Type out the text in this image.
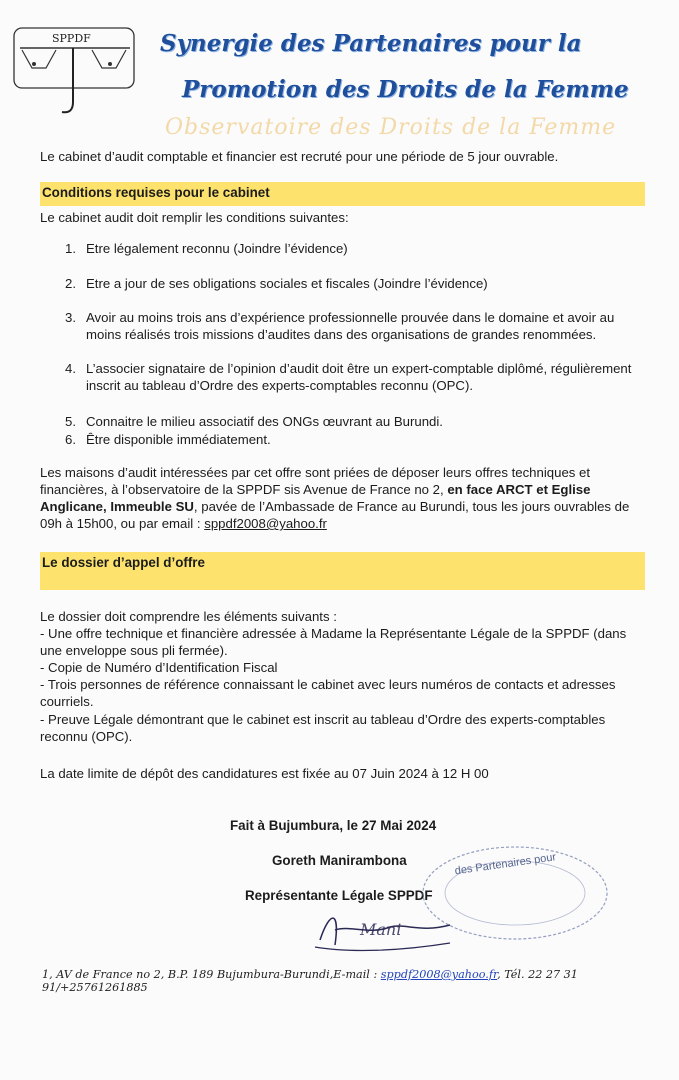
SPPDF	Synergie des Partenaires pour la
Promotion des Droits de la Femme
Observatoire des Droits de la Femme

Le cabinet d’audit comptable et financier est recruté pour une période de 5 jour ouvrable.

Conditions requises pour le cabinet

Le cabinet audit doit remplir les conditions suivantes:

1. Etre légalement reconnu (Joindre l’évidence)
2. Etre a jour de ses obligations sociales et fiscales (Joindre l’évidence)
3. Avoir au moins trois ans d’expérience professionnelle prouvée dans le domaine et avoir au moins réalisés trois missions d’audites dans des organisations de grandes renommées.
4. L’associer signataire de l’opinion d’audit doit être un expert-comptable diplômé, régulièrement inscrit au tableau d’Ordre des experts-comptables reconnu (OPC).
5. Connaitre le milieu associatif des ONGs œuvrant au Burundi.
6. Être disponible immédiatement.

Les maisons d’audit intéressées par cet offre sont priées de déposer leurs offres techniques et financières, à l’observatoire de la SPPDF sis Avenue de France no 2, en face ARCT et Eglise Anglicane, Immeuble SU, pavée de l’Ambassade de France au Burundi, tous les jours ouvrables de 09h à 15h00, ou par email : sppdf2008@yahoo.fr

Le dossier d’appel d’offre

Le dossier doit comprendre les éléments suivants :

- Une offre technique et financière adressée à Madame la Représentante Légale de la SPPDF (dans une enveloppe sous pli fermée).

- Copie de Numéro d’Identification Fiscal

- Trois personnes de référence connaissant le cabinet avec leurs numéros de contacts et adresses courriels.

- Preuve Légale démontrant que le cabinet est inscrit au tableau d’Ordre des experts-comptables reconnu (OPC).

La date limite de dépôt des candidatures est fixée au 07 Juin 2024 à 12 H 00

Fait à Bujumbura, le 27 Mai 2024
Goreth Manirambona
Représentante Légale SPPDF
des Partenaires pour
Mani
1, AV de France no 2, B.P. 189 Bujumbura-Burundi,E-mail : sppdf2008@yahoo.fr, Tél. 22 27 31 91/+25761261885
